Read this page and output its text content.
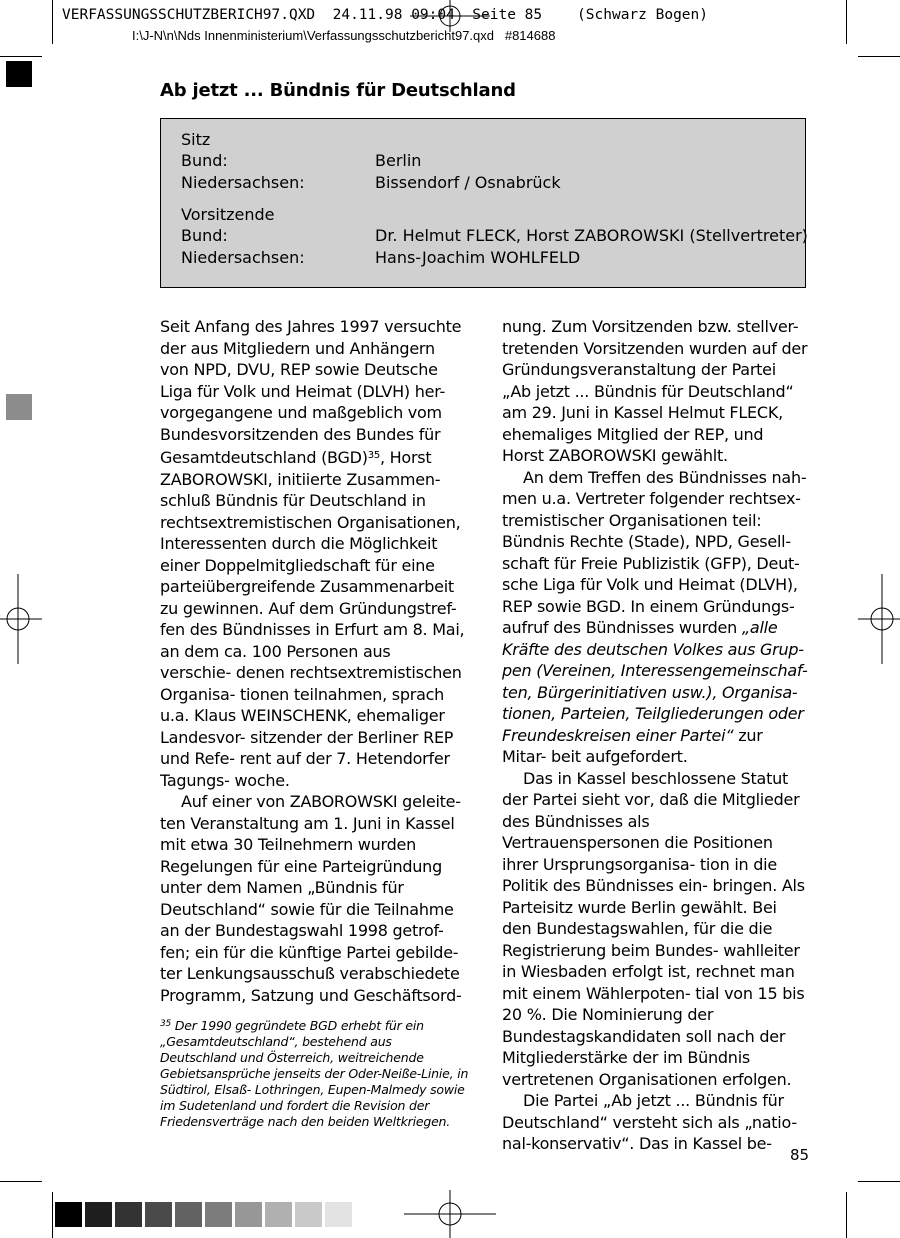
VERFASSUNGSSCHUTZBERICH97.QXD  24.11.98 09:04  Seite 85    (Schwarz Bogen)
I:\J-N\n\Nds Innenministerium\Verfassungsschutzbericht97.qxd   #814688
Ab jetzt ... Bündnis für Deutschland
Sitz
Bund:	Berlin
Niedersachsen:	Bissendorf / Osnabrück
Vorsitzende
Bund:	Dr. Helmut FLECK, Horst ZABOROWSKI (Stellvertreter)
Niedersachsen:	Hans-Joachim WOHLFELD

Seit Anfang des Jahres 1997 versuchte der aus Mitgliedern und Anhängern von NPD, DVU, REP sowie Deutsche Liga für Volk und Heimat (DLVH) her- vorgegangene und maßgeblich vom Bundesvorsitzenden des Bundes für Gesamtdeutschland (BGD)$^{35}$, Horst ZABOROWSKI, initiierte Zusammen- schluß Bündnis für Deutschland in rechtsextremistischen Organisationen, Interessenten durch die Möglichkeit einer Doppelmitgliedschaft für eine parteiübergreifende Zusammenarbeit zu gewinnen. Auf dem Gründungstref- fen des Bündnisses in Erfurt am 8. Mai, an dem ca. 100 Personen aus verschie- denen rechtsextremistischen Organisa- tionen teilnahmen, sprach u.a. Klaus WEINSCHENK, ehemaliger Landesvor- sitzender der Berliner REP und Refe- rent auf der 7. Hetendorfer Tagungs- woche.

Auf einer von ZABOROWSKI geleite- ten Veranstaltung am 1. Juni in Kassel mit etwa 30 Teilnehmern wurden Regelungen für eine Parteigründung unter dem Namen „Bündnis für Deutschland“ sowie für die Teilnahme an der Bundestagswahl 1998 getrof- fen; ein für die künftige Partei gebilde- ter Lenkungsausschuß verabschiedete Programm, Satzung und Geschäftsord-

nung. Zum Vorsitzenden bzw. stellver- tretenden Vorsitzenden wurden auf der Gründungsveranstaltung der Partei „Ab jetzt ... Bündnis für Deutschland“ am 29. Juni in Kassel Helmut FLECK, ehemaliges Mitglied der REP, und Horst ZABOROWSKI gewählt.

An dem Treffen des Bündnisses nah- men u.a. Vertreter folgender rechtsex- tremistischer Organisationen teil: Bündnis Rechte (Stade), NPD, Gesell- schaft für Freie Publizistik (GFP), Deut- sche Liga für Volk und Heimat (DLVH), REP sowie BGD. In einem Gründungs- aufruf des Bündnisses wurden „alle Kräfte des deutschen Volkes aus Grup- pen (Vereinen, Interessengemeinschaf- ten, Bürgerinitiativen usw.), Organisa- tionen, Parteien, Teilgliederungen oder Freundeskreisen einer Partei“ zur Mitar- beit aufgefordert.

Das in Kassel beschlossene Statut der Partei sieht vor, daß die Mitglieder des Bündnisses als Vertrauenspersonen die Positionen ihrer Ursprungsorganisa- tion in die Politik des Bündnisses ein- bringen. Als Parteisitz wurde Berlin gewählt. Bei den Bundestagswahlen, für die die Registrierung beim Bundes- wahlleiter in Wiesbaden erfolgt ist, rechnet man mit einem Wählerpoten- tial von 15 bis 20 %. Die Nominierung der Bundestagskandidaten soll nach der Mitgliederstärke der im Bündnis vertretenen Organisationen erfolgen.

Die Partei „Ab jetzt ... Bündnis für Deutschland“ versteht sich als „natio- nal-konservativ“. Das in Kassel be-

$^{35}$ Der 1990 gegründete BGD erhebt für ein „Gesamtdeutschland“, bestehend aus Deutschland und Österreich, weitreichende Gebietsansprüche jenseits der Oder-Neiße-Linie, in Südtirol, Elsaß- Lothringen, Eupen-Malmedy sowie im Sudetenland und fordert die Revision der Friedensverträge nach den beiden Weltkriegen.
85
